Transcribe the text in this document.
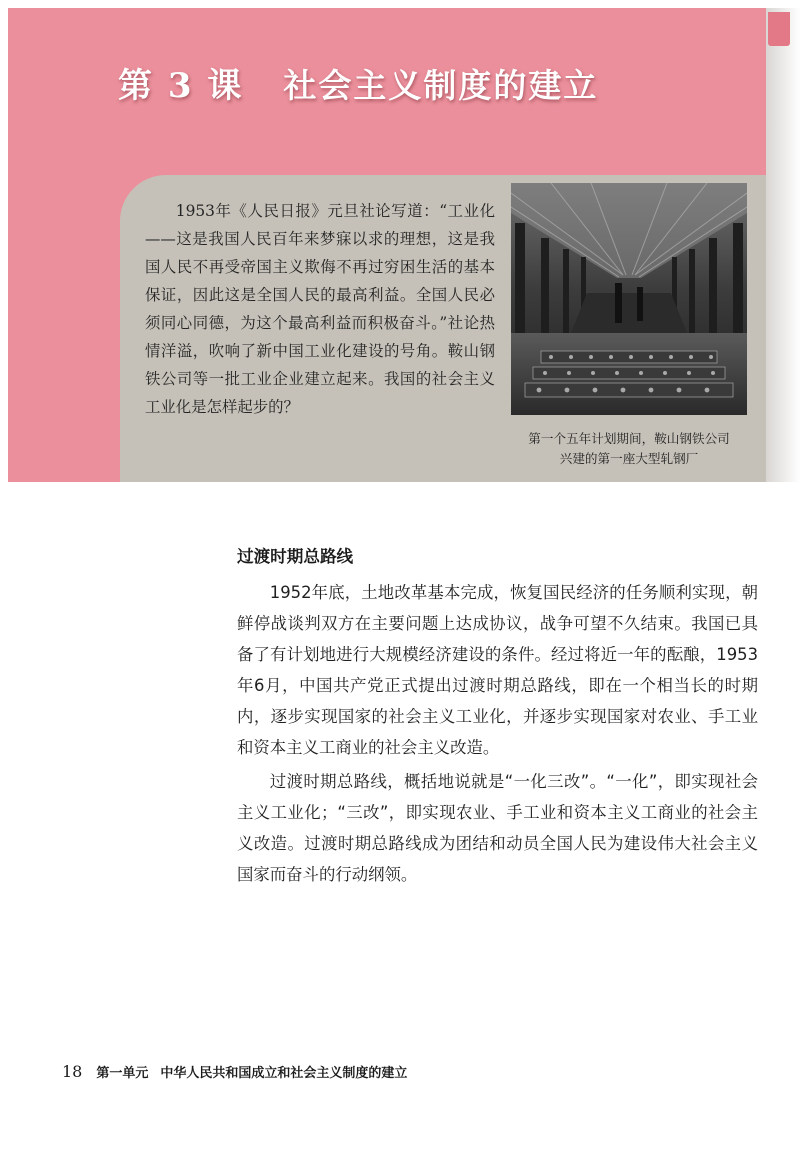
第 3 课 社会主义制度的建立

1953年《人民日报》元旦社论写道：“工业化——这是我国人民百年来梦寐以求的理想，这是我国人民不再受帝国主义欺侮不再过穷困生活的基本保证，因此这是全国人民的最高利益。全国人民必须同心同德，为这个最高利益而积极奋斗。”社论热情洋溢，吹响了新中国工业化建设的号角。鞍山钢铁公司等一批工业企业建立起来。我国的社会主义工业化是怎样起步的？

第一个五年计划期间，鞍山钢铁公司
兴建的第一座大型轧钢厂
过渡时期总路线

1952年底，土地改革基本完成，恢复国民经济的任务顺利实现，朝鲜停战谈判双方在主要问题上达成协议，战争可望不久结束。我国已具备了有计划地进行大规模经济建设的条件。经过将近一年的酝酿，1953年6月，中国共产党正式提出过渡时期总路线，即在一个相当长的时期内，逐步实现国家的社会主义工业化，并逐步实现国家对农业、手工业和资本主义工商业的社会主义改造。

过渡时期总路线，概括地说就是“一化三改”。“一化”，即实现社会主义工业化；“三改”，即实现农业、手工业和资本主义工商业的社会主义改造。过渡时期总路线成为团结和动员全国人民为建设伟大社会主义国家而奋斗的行动纲领。

18 第一单元 中华人民共和国成立和社会主义制度的建立
